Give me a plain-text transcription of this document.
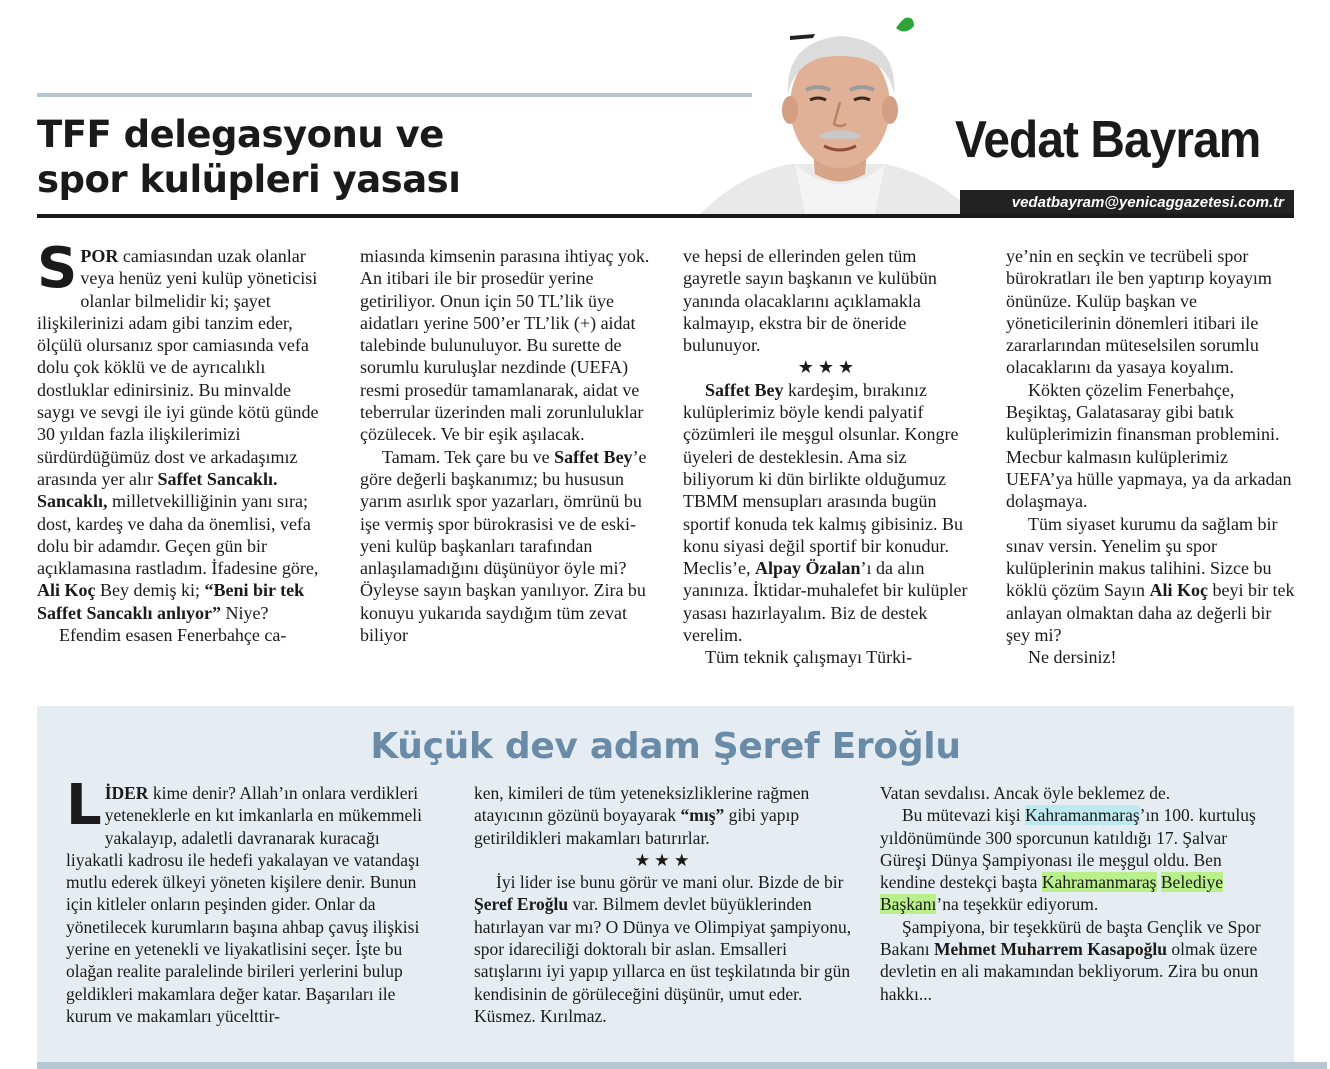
TFF delegasyonu ve
spor kulüpleri yasası
Vedat Bayram
vedatbayram@yenicaggazetesi.com.tr

SPOR camiasından uzak olanlar veya henüz yeni kulüp yöneticisi olanlar bilmelidir ki; şayet ilişkilerinizi adam gibi tanzim eder, ölçülü olursanız spor camiasında vefa dolu çok köklü ve de ayrıcalıklı dostluklar edinirsiniz. Bu minvalde saygı ve sevgi ile iyi günde kötü günde 30 yıldan fazla ilişkilerimizi sürdürdüğümüz dost ve arkadaşımız arasında yer alır Saffet Sancaklı. Sancaklı, milletvekilliğinin yanı sıra; dost, kardeş ve daha da önemlisi, vefa dolu bir adamdır. Geçen gün bir açıklamasına rastladım. İfadesine göre, Ali Koç Bey demiş ki; “Beni bir tek Saffet Sancaklı anlıyor” Niye?

Efendim esasen Fenerbahçe ca-

miasında kimsenin parasına ihtiyaç yok. An itibari ile bir prosedür yerine getiriliyor. Onun için 50 TL’lik üye aidatları yerine 500’er TL’lik (+) aidat talebinde bulunuluyor. Bu surette de sorumlu kuruluşlar nezdinde (UEFA) resmi prosedür tamamlanarak, aidat ve teberrular üzerinden mali zorunluluklar çözülecek. Ve bir eşik aşılacak.

Tamam. Tek çare bu ve Saffet Bey’e göre değerli başkanımız; bu hususun yarım asırlık spor yazarları, ömrünü bu işe vermiş spor bürokrasisi ve de eski-yeni kulüp başkanları tarafından anlaşılamadığını düşünüyor öyle mi? Öyleyse sayın başkan yanılıyor. Zira bu konuyu yukarıda saydığım tüm zevat biliyor

ve hepsi de ellerinden gelen tüm gayretle sayın başkanın ve kulübün yanında olacaklarını açıklamakla kalmayıp, ekstra bir de öneride bulunuyor.

★★★

Saffet Bey kardeşim, bırakınız kulüplerimiz böyle kendi palyatif çözümleri ile meşgul olsunlar. Kongre üyeleri de desteklesin. Ama siz biliyorum ki dün birlikte olduğumuz TBMM mensupları arasında bugün sportif konuda tek kalmış gibisiniz. Bu konu siyasi değil sportif bir konudur. Meclis’e, Alpay Özalan’ı da alın yanınıza. İktidar-muhalefet bir kulüpler yasası hazırlayalım. Biz de destek verelim.

Tüm teknik çalışmayı Türki-

ye’nin en seçkin ve tecrübeli spor bürokratları ile ben yaptırıp koyayım önünüze. Kulüp başkan ve yöneticilerinin dönemleri itibari ile zararlarından müteselsilen sorumlu olacaklarını da yasaya koyalım.

Kökten çözelim Fenerbahçe, Beşiktaş, Galatasaray gibi batık kulüplerimizin finansman problemini. Mecbur kalmasın kulüplerimiz UEFA’ya hülle yapmaya, ya da arkadan dolaşmaya.

Tüm siyaset kurumu da sağlam bir sınav versin. Yenelim şu spor kulüplerinin makus talihini. Sizce bu köklü çözüm Sayın Ali Koç beyi bir tek anlayan olmaktan daha az değerli bir şey mi?

Ne dersiniz!

Küçük dev adam Şeref Eroğlu

LİDER kime denir? Allah’ın onlara verdikleri yeteneklerle en kıt imkanlarla en mükemmeli yakalayıp, adaletli davranarak kuracağı liyakatli kadrosu ile hedefi yakalayan ve vatandaşı mutlu ederek ülkeyi yöneten kişilere denir. Bunun için kitleler onların peşinden gider. Onlar da yönetilecek kurumların başına ahbap çavuş ilişkisi yerine en yetenekli ve liyakatlisini seçer. İşte bu olağan realite paralelinde birileri yerlerini bulup geldikleri makamlara değer katar. Başarıları ile kurum ve makamları yücelttir-

ken, kimileri de tüm yeteneksizliklerine rağmen atayıcının gözünü boyayarak “mış” gibi yapıp getirildikleri makamları batırırlar.

★★★

İyi lider ise bunu görür ve mani olur. Bizde de bir Şeref Eroğlu var. Bilmem devlet büyüklerinden hatırlayan var mı? O Dünya ve Olimpiyat şampiyonu, spor idareciliği doktoralı bir aslan. Emsalleri satışlarını iyi yapıp yıllarca en üst teşkilatında bir gün kendisinin de görüleceğini düşünür, umut eder. Küsmez. Kırılmaz.

Vatan sevdalısı. Ancak öyle beklemez de.

Bu mütevazi kişi Kahramanmaraş’ın 100. kurtuluş yıldönümünde 300 sporcunun katıldığı 17. Şalvar Güreşi Dünya Şampiyonası ile meşgul oldu. Ben kendine destekçi başta Kahramanmaraş Belediye Başkanı’na teşekkür ediyorum.

Şampiyona, bir teşekkürü de başta Gençlik ve Spor Bakanı Mehmet Muharrem Kasapoğlu olmak üzere devletin en ali makamından bekliyorum. Zira bu onun hakkı...
